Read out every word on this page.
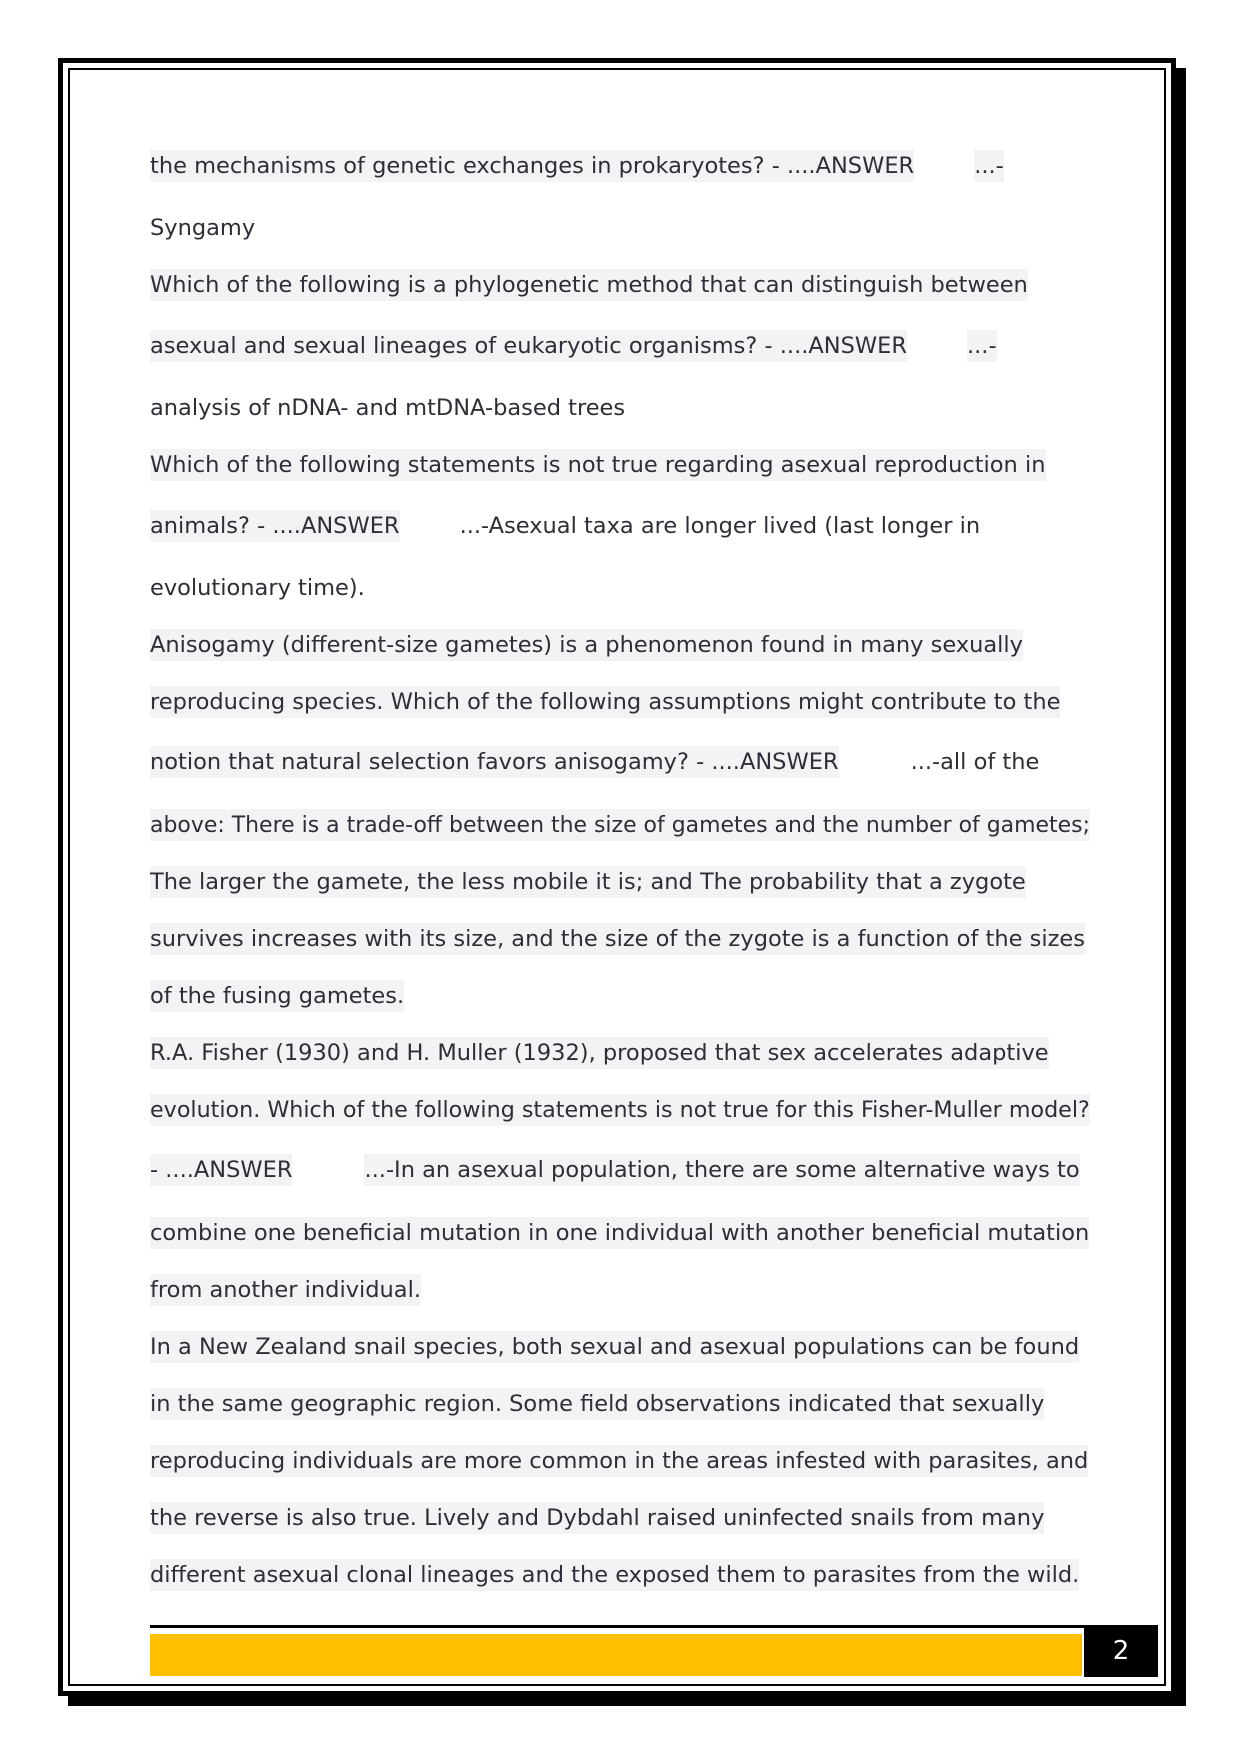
the mechanisms of genetic exchanges in prokaryotes? - ....ANSWER	...-
Syngamy
Which of the following is a phylogenetic method that can distinguish between
asexual and sexual lineages of eukaryotic organisms? - ....ANSWER	...-
analysis of nDNA- and mtDNA-based trees
Which of the following statements is not true regarding asexual reproduction in
animals? - ....ANSWER	...-Asexual taxa are longer lived (last longer in
evolutionary time).
Anisogamy (different-size gametes) is a phenomenon found in many sexually
reproducing species. Which of the following assumptions might contribute to the
notion that natural selection favors anisogamy? - ....ANSWER	...-all of the
above: There is a trade-off between the size of gametes and the number of gametes;
The larger the gamete, the less mobile it is; and The probability that a zygote
survives increases with its size, and the size of the zygote is a function of the sizes
of the fusing gametes.
R.A. Fisher (1930) and H. Muller (1932), proposed that sex accelerates adaptive
evolution. Which of the following statements is not true for this Fisher-Muller model?
- ....ANSWER	...-In an asexual population, there are some alternative ways to
combine one beneficial mutation in one individual with another beneficial mutation
from another individual.
In a New Zealand snail species, both sexual and asexual populations can be found
in the same geographic region. Some field observations indicated that sexually
reproducing individuals are more common in the areas infested with parasites, and
the reverse is also true. Lively and Dybdahl raised uninfected snails from many
different asexual clonal lineages and the exposed them to parasites from the wild.
2
